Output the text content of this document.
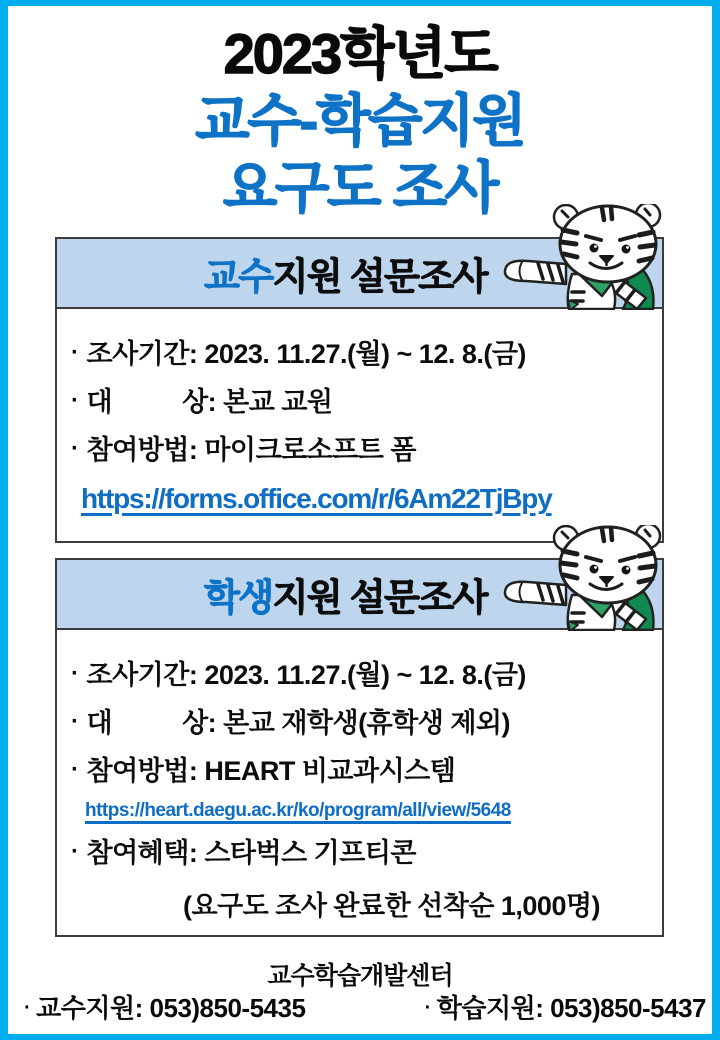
2023학년도
교수-학습지원
요구도 조사
교수지원 설문조사
· 조사기간: 2023. 11.27.(월) ~ 12. 8.(금)
· 대          상: 본교 교원
· 참여방법: 마이크로소프트 폼
https://forms.office.com/r/6Am22TjBpy
학생지원 설문조사
· 조사기간: 2023. 11.27.(월) ~ 12. 8.(금)
· 대          상: 본교 재학생(휴학생 제외)
· 참여방법: HEART 비교과시스템
https://heart.daegu.ac.kr/ko/program/all/view/5648
· 참여혜택: 스타벅스 기프티콘
(요구도 조사 완료한 선착순 1,000명)
교수학습개발센터
· 교수지원: 053)850-5435	· 학습지원: 053)850-5437
